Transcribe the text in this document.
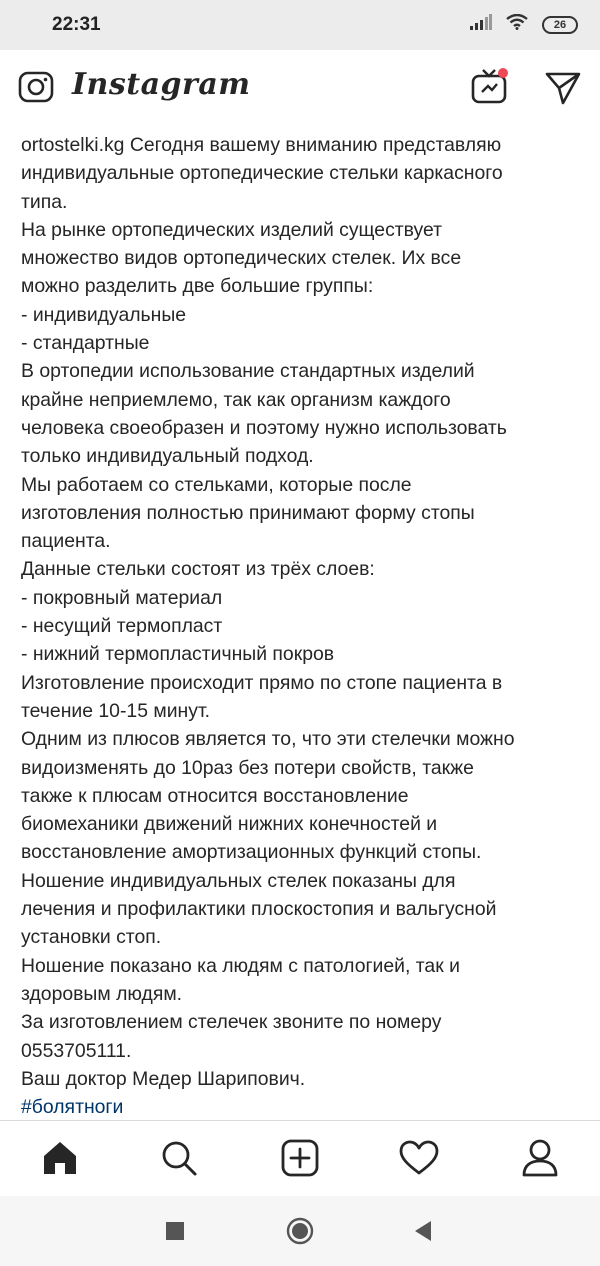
22:31	26
Instagram
ortostelki.kg Сегодня вашему вниманию представляю
индивидуальные ортопедические стельки каркасного
типа.
На рынке ортопедических изделий существует
множество видов ортопедических стелек. Их все
можно разделить две большие группы:
- индивидуальные
- стандартные
В ортопедии использование стандартных изделий
крайне неприемлемо, так как организм каждого
человека своеобразен и поэтому нужно использовать
только индивидуальный подход.
Мы работаем со стельками, которые после
изготовления полностью принимают форму стопы
пациента.
Данные стельки состоят из трёх слоев:
- покровный материал
- несущий термопласт
- нижний термопластичный покров
Изготовление происходит прямо по стопе пациента в
течение 10-15 минут.
Одним из плюсов является то, что эти стелечки можно
видоизменять до 10раз без потери свойств, также
также к плюсам относится восстановление
биомеханики движений нижних конечностей и
восстановление амортизационных функций стопы.
Ношение индивидуальных стелек показаны для
лечения и профилактики плоскостопия и вальгусной
установки стоп.
Ношение показано ка людям с патологией, так и
здоровым людям.
За изготовлением стелечек звоните по номеру
0553705111.
Ваш доктор Медер Шарипович.
#болятноги
